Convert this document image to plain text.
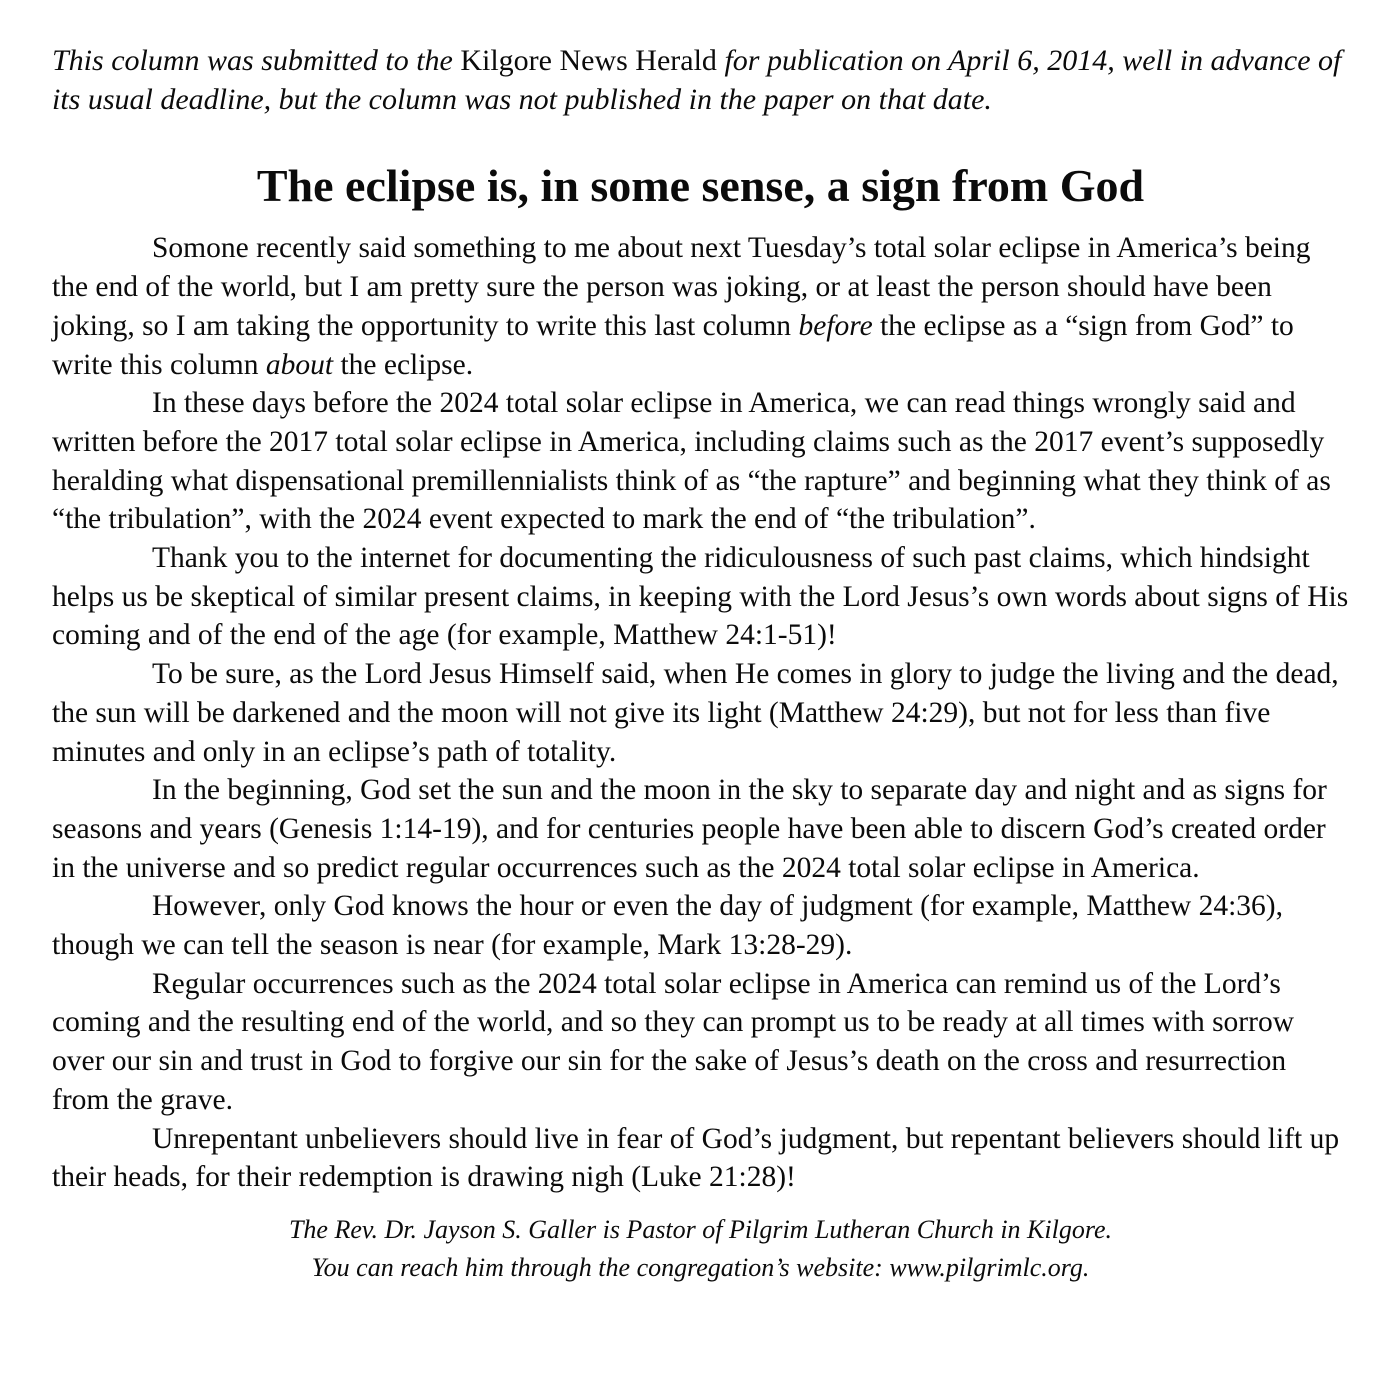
This column was submitted to the Kilgore News Herald for publication on April 6, 2014, well in advance of its usual deadline, but the column was not published in the paper on that date.

The eclipse is, in some sense, a sign from God

Somone recently said something to me about next Tuesday’s total solar eclipse in America’s being the end of the world, but I am pretty sure the person was joking, or at least the person should have been joking, so I am taking the opportunity to write this last column before the eclipse as a “sign from God” to write this column about the eclipse.

In these days before the 2024 total solar eclipse in America, we can read things wrongly said and written before the 2017 total solar eclipse in America, including claims such as the 2017 event’s supposedly heralding what dispensational premillennialists think of as “the rapture” and beginning what they think of as “the tribulation”, with the 2024 event expected to mark the end of “the tribulation”.

Thank you to the internet for documenting the ridiculousness of such past claims, which hindsight helps us be skeptical of similar present claims, in keeping with the Lord Jesus’s own words about signs of His coming and of the end of the age (for example, Matthew 24:1-51)!

To be sure, as the Lord Jesus Himself said, when He comes in glory to judge the living and the dead, the sun will be darkened and the moon will not give its light (Matthew 24:29), but not for less than five minutes and only in an eclipse’s path of totality.

In the beginning, God set the sun and the moon in the sky to separate day and night and as signs for seasons and years (Genesis 1:14-19), and for centuries people have been able to discern God’s created order in the universe and so predict regular occurrences such as the 2024 total solar eclipse in America.

However, only God knows the hour or even the day of judgment (for example, Matthew 24:36), though we can tell the season is near (for example, Mark 13:28-29).

Regular occurrences such as the 2024 total solar eclipse in America can remind us of the Lord’s coming and the resulting end of the world, and so they can prompt us to be ready at all times with sorrow over our sin and trust in God to forgive our sin for the sake of Jesus’s death on the cross and resurrection from the grave.

Unrepentant unbelievers should live in fear of God’s judgment, but repentant believers should lift up their heads, for their redemption is drawing nigh (Luke 21:28)!

The Rev. Dr. Jayson S. Galler is Pastor of Pilgrim Lutheran Church in Kilgore.

You can reach him through the congregation’s website: www.pilgrimlc.org.
